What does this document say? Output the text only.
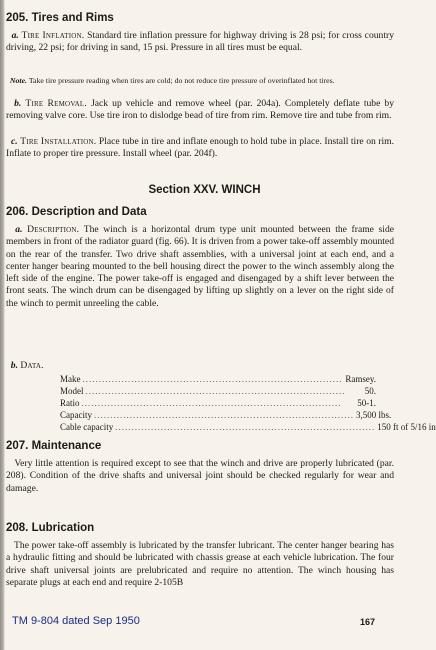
205. Tires and Rims
a. Tire Inflation. Standard tire inflation pressure for highway driving is 28 psi; for cross country driving, 22 psi; for driving in sand, 15 psi. Pressure in all tires must be equal.
Note. Take tire pressure reading when tires are cold; do not reduce tire pressure of overinflated hot tires.
b. Tire Removal. Jack up vehicle and remove wheel (par. 204a). Completely deflate tube by removing valve core. Use tire iron to dislodge bead of tire from rim. Remove tire and tube from rim.
c. Tire Installation. Place tube in tire and inflate enough to hold tube in place. Install tire on rim. Inflate to proper tire pressure. Install wheel (par. 204f).
Section XXV. WINCH
206. Description and Data
a. Description. The winch is a horizontal drum type unit mounted between the frame side members in front of the radiator guard (fig. 66). It is driven from a power take-off assembly mounted on the rear of the transfer. Two drive shaft assemblies, with a universal joint at each end, and a center hanger bearing mounted to the bell housing direct the power to the winch assembly along the left side of the engine. The power take-off is engaged and disengaged by a shift lever between the front seats. The winch drum can be disengaged by lifting up slightly on a lever on the right side of the winch to permit unreeling the cable.
b. Data.
Make ................................................................................ Ramsey.
Model ................................................................................	50.
Ratio ................................................................................	50-1.
Capacity ................................................................................ 3,500 lbs.
Cable capacity ................................................................................ 150 ft of 5/16 in
207. Maintenance
Very little attention is required except to see that the winch and drive are properly lubricated (par. 208). Condition of the drive shafts and universal joint should be checked regularly for wear and damage.
208. Lubrication
The power take-off assembly is lubricated by the transfer lubricant. The center hanger bearing has a hydraulic fitting and should be lubricated with chassis grease at each vehicle lubrication. The four drive shaft universal joints are prelubricated and require no attention. The winch housing has separate plugs at each end and require 2-105B
TM 9-804 dated Sep 1950	167
